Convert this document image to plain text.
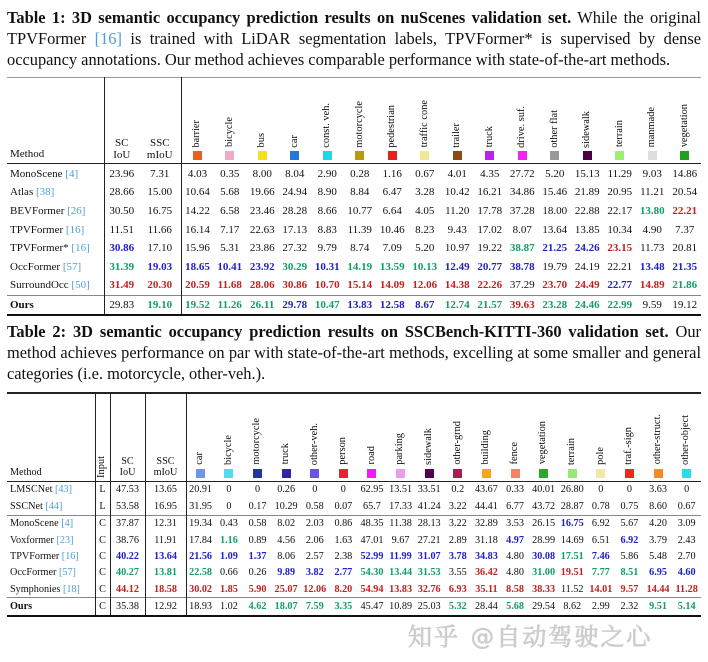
Table 1: 3D semantic occupancy prediction results on nuScenes validation set. While the original TPVFormer [16] is trained with LiDAR segmentation labels, TPVFormer* is supervised by dense occupancy annotations. Our method achieves comparable performance with state-of-the-art methods.

Method	SC
IoU	SSC
mIoU	barrier	bicycle	bus	car	const. veh.	motorcycle	pedestrian	traffic cone	trailer	truck	drive. suf.	other flat	sidewalk	terrain	manmade	vegetation

MonoScene [4]	23.96	7.31	4.03	0.35	8.00	8.04	2.90	0.28	1.16	0.67	4.01	4.35	27.72	5.20	15.13	11.29	9.03	14.86
Atlas [38]	28.66	15.00	10.64	5.68	19.66	24.94	8.90	8.84	6.47	3.28	10.42	16.21	34.86	15.46	21.89	20.95	11.21	20.54
BEVFormer [26]	30.50	16.75	14.22	6.58	23.46	28.28	8.66	10.77	6.64	4.05	11.20	17.78	37.28	18.00	22.88	22.17	13.80	22.21
TPVFormer [16]	11.51	11.66	16.14	7.17	22.63	17.13	8.83	11.39	10.46	8.23	9.43	17.02	8.07	13.64	13.85	10.34	4.90	7.37
TPVFormer* [16]	30.86	17.10	15.96	5.31	23.86	27.32	9.79	8.74	7.09	5.20	10.97	19.22	38.87	21.25	24.26	23.15	11.73	20.81
OccFormer [57]	31.39	19.03	18.65	10.41	23.92	30.29	10.31	14.19	13.59	10.13	12.49	20.77	38.78	19.79	24.19	22.21	13.48	21.35
SurroundOcc [50]	31.49	20.30	20.59	11.68	28.06	30.86	10.70	15.14	14.09	12.06	14.38	22.26	37.29	23.70	24.49	22.77	14.89	21.86
Ours	29.83	19.10	19.52	11.26	26.11	29.78	10.47	13.83	12.58	8.67	12.74	21.57	39.63	23.28	24.46	22.99	9.59	19.12

Table 2: 3D semantic occupancy prediction results on SSCBench-KITTI-360 validation set. Our method achieves performance on par with state-of-the-art methods, excelling at some smaller and general categories (i.e. motorcycle, other-veh.).

Method	Input	SC
IoU	SSC
mIoU	car	bicycle	motorcycle	truck	other-veh.	person	road	parking	sidewalk	other-grnd	building	fence	vegetation	terrain	pole	traf.-sign	other-struct.	other-object

LMSCNet [43]	L	47.53	13.65	20.91	0	0	0.26	0	0	62.95	13.51	33.51	0.2	43.67	0.33	40.01	26.80	0	0	3.63	0
SSCNet [44]	L	53.58	16.95	31.95	0	0.17	10.29	0.58	0.07	65.7	17.33	41.24	3.22	44.41	6.77	43.72	28.87	0.78	0.75	8.60	0.67
MonoScene [4]	C	37.87	12.31	19.34	0.43	0.58	8.02	2.03	0.86	48.35	11.38	28.13	3.22	32.89	3.53	26.15	16.75	6.92	5.67	4.20	3.09
Voxformer [23]	C	38.76	11.91	17.84	1.16	0.89	4.56	2.06	1.63	47.01	9.67	27.21	2.89	31.18	4.97	28.99	14.69	6.51	6.92	3.79	2.43
TPVFormer [16]	C	40.22	13.64	21.56	1.09	1.37	8.06	2.57	2.38	52.99	11.99	31.07	3.78	34.83	4.80	30.08	17.51	7.46	5.86	5.48	2.70
OccFormer [57]	C	40.27	13.81	22.58	0.66	0.26	9.89	3.82	2.77	54.30	13.44	31.53	3.55	36.42	4.80	31.00	19.51	7.77	8.51	6.95	4.60
Symphonies [18]	C	44.12	18.58	30.02	1.85	5.90	25.07	12.06	8.20	54.94	13.83	32.76	6.93	35.11	8.58	38.33	11.52	14.01	9.57	14.44	11.28
Ours	C	35.38	12.92	18.93	1.02	4.62	18.07	7.59	3.35	45.47	10.89	25.03	5.32	28.44	5.68	29.54	8.62	2.99	2.32	9.51	5.14
知乎 @自动驾驶之心
